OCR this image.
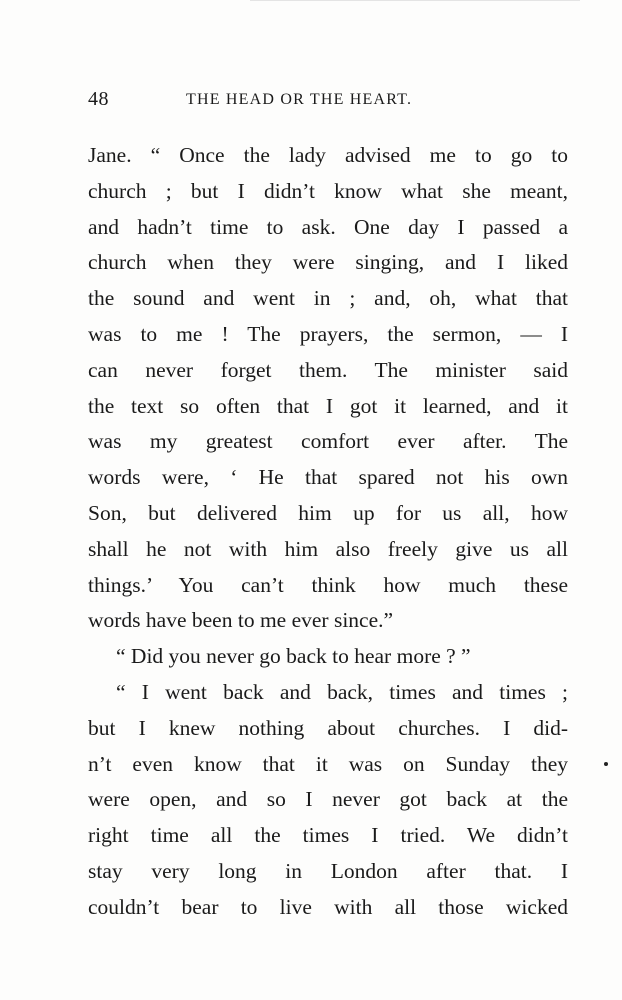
48	THE HEAD OR THE HEART.
Jane. “ Once the lady advised me to go to
church ; but I didn’t know what she meant,
and hadn’t time to ask. One day I passed a
church when they were singing, and I liked
the sound and went in ; and, oh, what that
was to me ! The prayers, the sermon, — I
can never forget them. The minister said
the text so often that I got it learned, and it
was my greatest comfort ever after. The
words were, ‘ He that spared not his own
Son, but delivered him up for us all, how
shall he not with him also freely give us all
things.’ You can’t think how much these
words have been to me ever since.”
“ Did you never go back to hear more ? ”
“ I went back and back, times and times ;
but I knew nothing about churches. I did-
n’t even know that it was on Sunday they
were open, and so I never got back at the
right time all the times I tried. We didn’t
stay very long in London after that. I
couldn’t bear to live with all those wicked
